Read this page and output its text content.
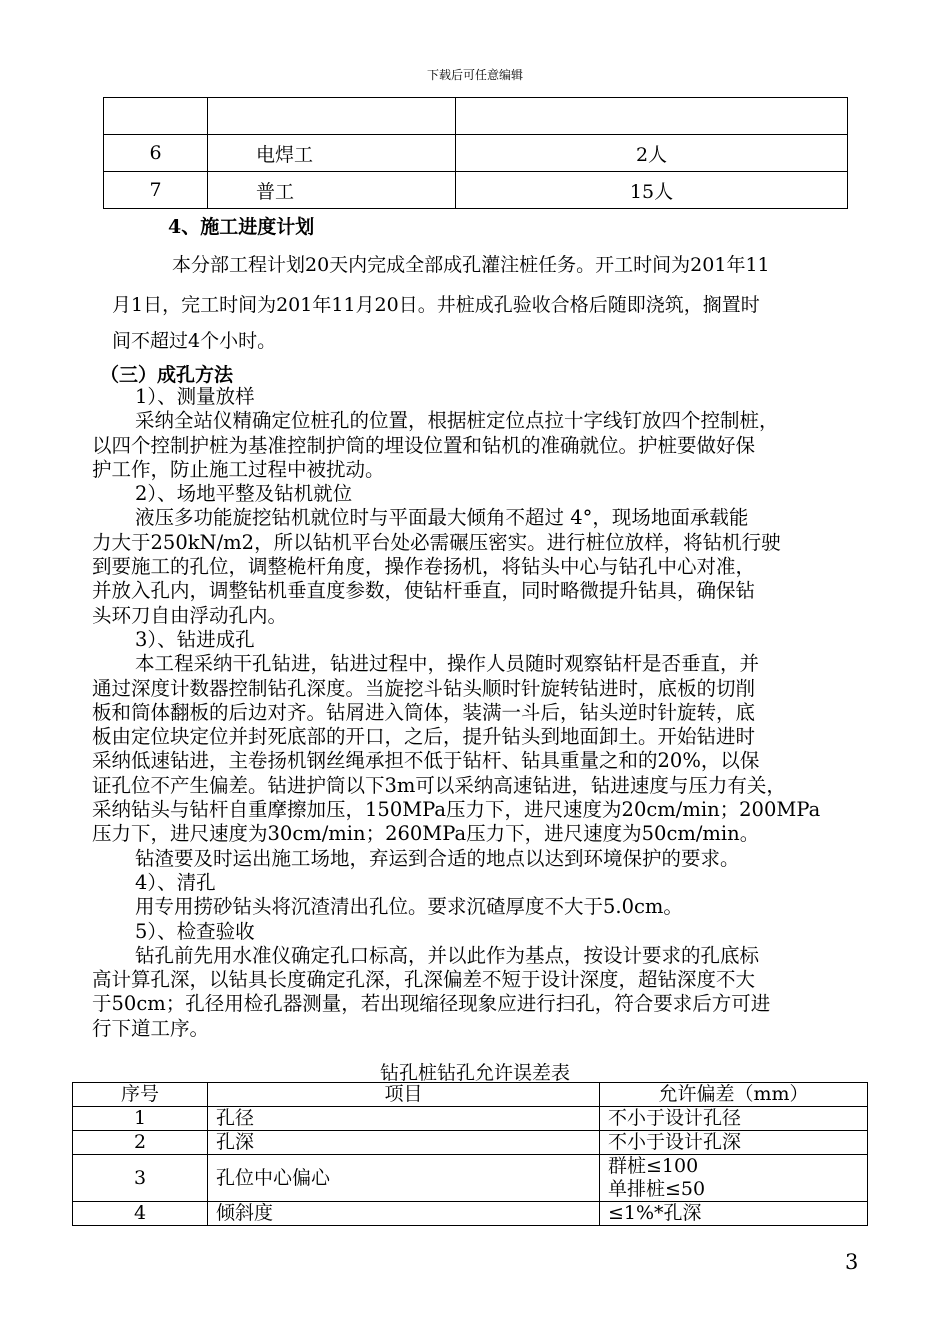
下载后可任意编辑

6	电焊工	2人
7	普工	15人
4、施工进度计划
本分部工程计划20天内完成全部成孔灌注桩任务。开工时间为201年11
月1日，完工时间为201年11月20日。井桩成孔验收合格后随即浇筑，搁置时
间不超过4个小时。
（三）成孔方法

1）、测量放样

采纳全站仪精确定位桩孔的位置，根据桩定位点拉十字线钉放四个控制桩，

以四个控制护桩为基准控制护筒的埋设位置和钻机的准确就位。护桩要做好保

护工作，防止施工过程中被扰动。

2）、场地平整及钻机就位

液压多功能旋挖钻机就位时与平面最大倾角不超过 4°，现场地面承载能

力大于250kN/m2，所以钻机平台处必需碾压密实。进行桩位放样，将钻机行驶

到要施工的孔位，调整桅杆角度，操作卷扬机，将钻头中心与钻孔中心对准，

并放入孔内，调整钻机垂直度参数，使钻杆垂直，同时略微提升钻具，确保钻

头环刀自由浮动孔内。

3）、钻进成孔

本工程采纳干孔钻进，钻进过程中，操作人员随时观察钻杆是否垂直，并

通过深度计数器控制钻孔深度。当旋挖斗钻头顺时针旋转钻进时，底板的切削

板和筒体翻板的后边对齐。钻屑进入筒体，装满一斗后，钻头逆时针旋转，底

板由定位块定位并封死底部的开口，之后，提升钻头到地面卸土。开始钻进时

采纳低速钻进，主卷扬机钢丝绳承担不低于钻杆、钻具重量之和的20%，以保

证孔位不产生偏差。钻进护筒以下3m可以采纳高速钻进，钻进速度与压力有关，

采纳钻头与钻杆自重摩擦加压，150MPa压力下，进尺速度为20cm/min；200MPa

压力下，进尺速度为30cm/min；260MPa压力下，进尺速度为50cm/min。

钻渣要及时运出施工场地，弃运到合适的地点以达到环境保护的要求。

4）、清孔

用专用捞砂钻头将沉渣清出孔位。要求沉碴厚度不大于5.0cm。

5）、检查验收

钻孔前先用水准仪确定孔口标高，并以此作为基点，按设计要求的孔底标

高计算孔深，以钻具长度确定孔深，孔深偏差不短于设计深度，超钻深度不大

于50cm；孔径用检孔器测量，若出现缩径现象应进行扫孔，符合要求后方可进

行下道工序。

钻孔桩钻孔允许误差表
序号	项目	允许偏差（mm）
1	孔径	不小于设计孔径
2	孔深	不小于设计孔深
3	孔位中心偏心	群桩≤100
单排桩≤50

4	倾斜度	≤1%*孔深
3
